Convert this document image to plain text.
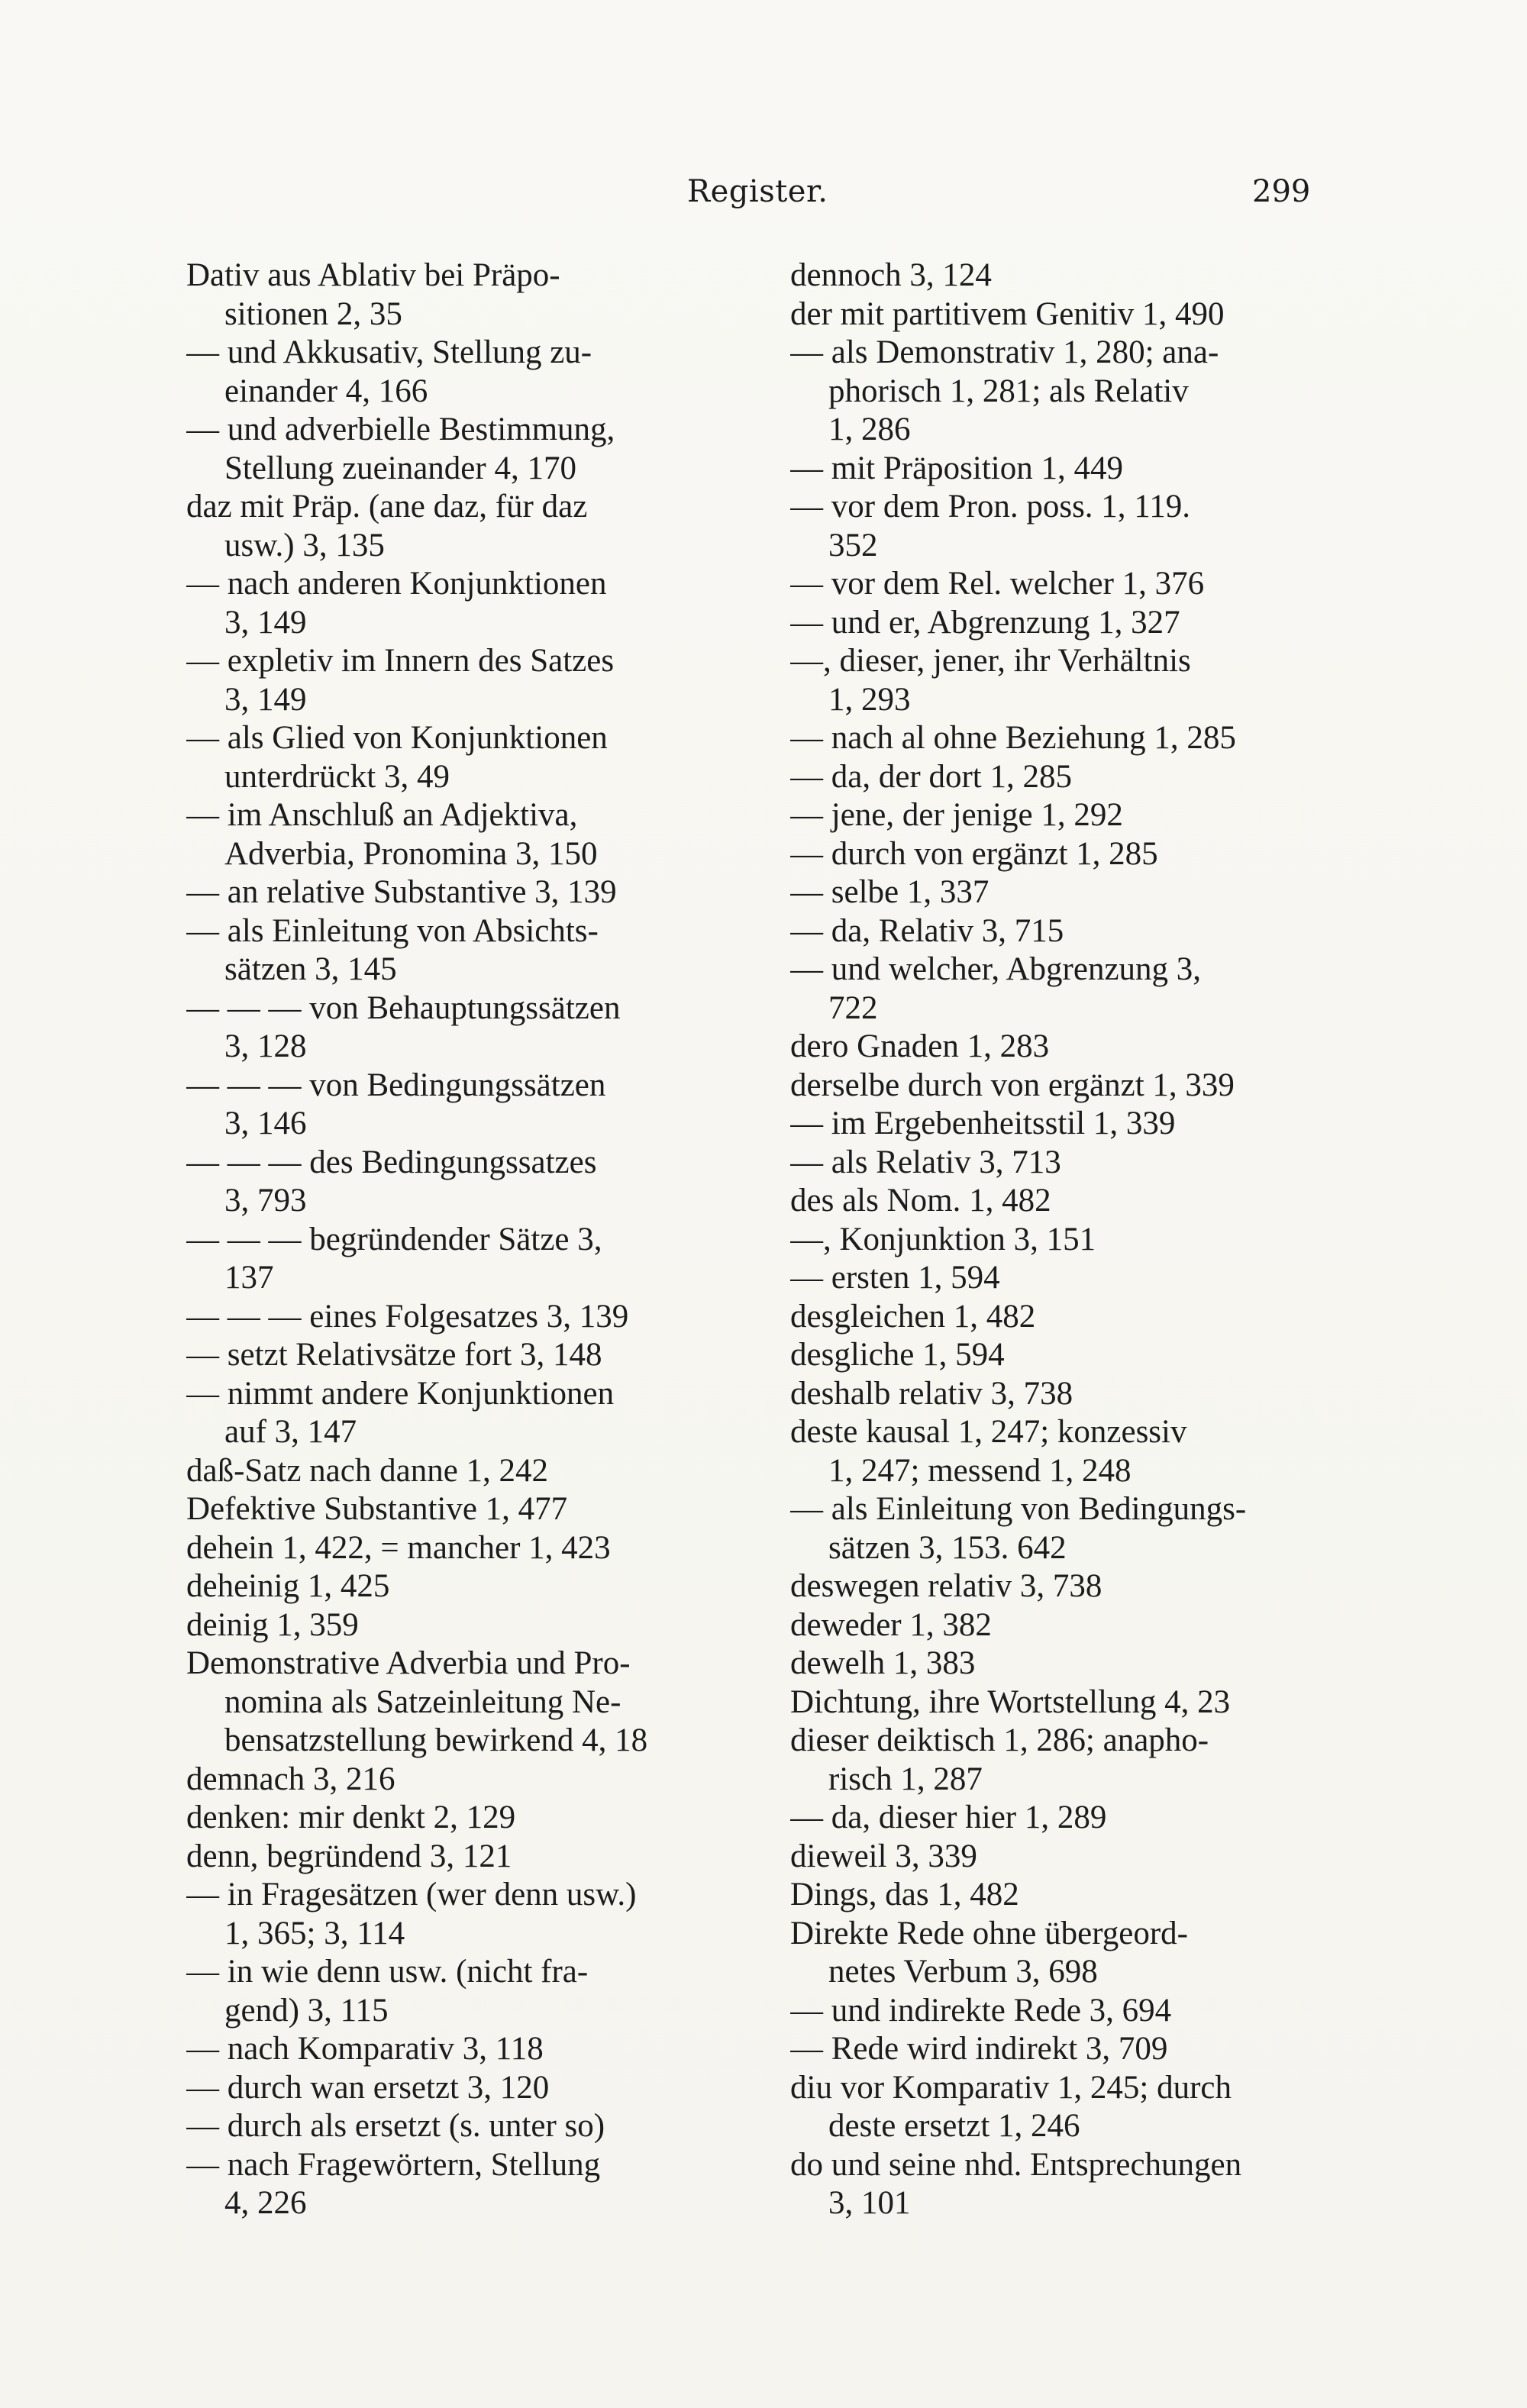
Register.	299
Dativ aus Ablativ bei Präpo-
sitionen 2, 35
— und Akkusativ, Stellung zu-
einander 4, 166
— und adverbielle Bestimmung,
Stellung zueinander 4, 170
daz mit Präp. (ane daz, für daz
usw.) 3, 135
— nach anderen Konjunktionen
3, 149
— expletiv im Innern des Satzes
3, 149
— als Glied von Konjunktionen
unterdrückt 3, 49
— im Anschluß an Adjektiva,
Adverbia, Pronomina 3, 150
— an relative Substantive 3, 139
— als Einleitung von Absichts-
sätzen 3, 145
— — — von Behauptungssätzen
3, 128
— — — von Bedingungssätzen
3, 146
— — — des Bedingungssatzes
3, 793
— — — begründender Sätze 3,
137
— — — eines Folgesatzes 3, 139
— setzt Relativsätze fort 3, 148
— nimmt andere Konjunktionen
auf 3, 147
daß-Satz nach danne 1, 242
Defektive Substantive 1, 477
dehein 1, 422, = mancher 1, 423
deheinig 1, 425
deinig 1, 359
Demonstrative Adverbia und Pro-
nomina als Satzeinleitung Ne-
bensatzstellung bewirkend 4, 18
demnach 3, 216
denken: mir denkt 2, 129
denn, begründend 3, 121
— in Fragesätzen (wer denn usw.)
1, 365; 3, 114
— in wie denn usw. (nicht fra-
gend) 3, 115
— nach Komparativ 3, 118
— durch wan ersetzt 3, 120
— durch als ersetzt (s. unter so)
— nach Fragewörtern, Stellung
4, 226
dennoch 3, 124
der mit partitivem Genitiv 1, 490
— als Demonstrativ 1, 280; ana-
phorisch 1, 281; als Relativ
1, 286
— mit Präposition 1, 449
— vor dem Pron. poss. 1, 119.
352
— vor dem Rel. welcher 1, 376
— und er, Abgrenzung 1, 327
—, dieser, jener, ihr Verhältnis
1, 293
— nach al ohne Beziehung 1, 285
— da, der dort 1, 285
— jene, der jenige 1, 292
— durch von ergänzt 1, 285
— selbe 1, 337
— da, Relativ 3, 715
— und welcher, Abgrenzung 3,
722
dero Gnaden 1, 283
derselbe durch von ergänzt 1, 339
— im Ergebenheitsstil 1, 339
— als Relativ 3, 713
des als Nom. 1, 482
—, Konjunktion 3, 151
— ersten 1, 594
desgleichen 1, 482
desgliche 1, 594
deshalb relativ 3, 738
deste kausal 1, 247; konzessiv
1, 247; messend 1, 248
— als Einleitung von Bedingungs-
sätzen 3, 153. 642
deswegen relativ 3, 738
deweder 1, 382
dewelh 1, 383
Dichtung, ihre Wortstellung 4, 23
dieser deiktisch 1, 286; anapho-
risch 1, 287
— da, dieser hier 1, 289
dieweil 3, 339
Dings, das 1, 482
Direkte Rede ohne übergeord-
netes Verbum 3, 698
— und indirekte Rede 3, 694
— Rede wird indirekt 3, 709
diu vor Komparativ 1, 245; durch
deste ersetzt 1, 246
do und seine nhd. Entsprechungen
3, 101
